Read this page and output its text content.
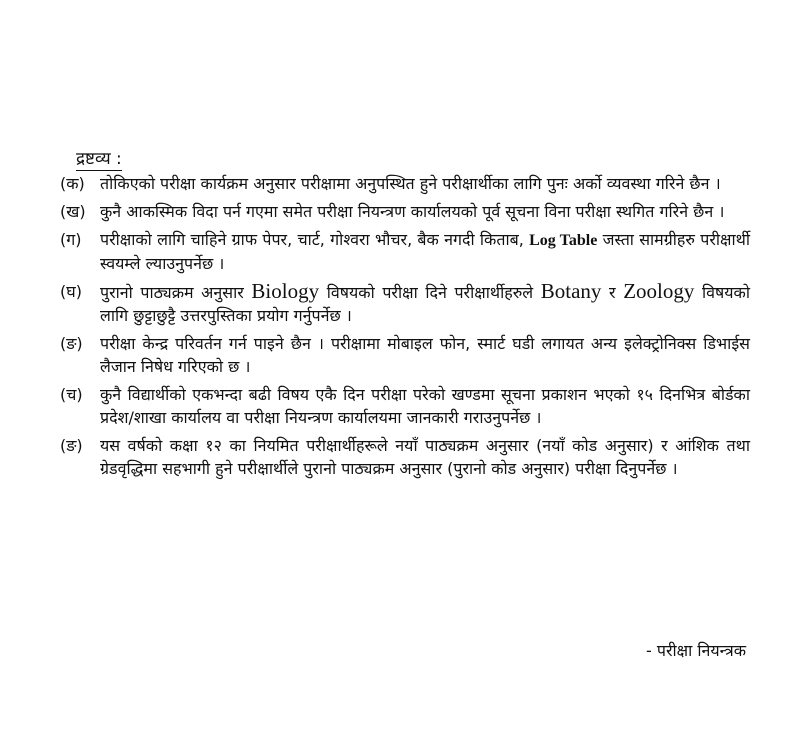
द्रष्टव्य :
(क) तोकिएको परीक्षा कार्यक्रम अनुसार परीक्षामा अनुपस्थित हुने परीक्षार्थीका लागि पुनः अर्को व्यवस्था गरिने छैन ।
(ख) कुनै आकस्मिक विदा पर्न गएमा समेत परीक्षा नियन्त्रण कार्यालयको पूर्व सूचना विना परीक्षा स्थगित गरिने छैन ।
(ग)	परीक्षाको लागि चाहिने ग्राफ पेपर, चार्ट, गोश्वरा भौचर, बैक नगदी किताब, Log Table जस्ता सामग्रीहरु परीक्षार्थी स्वयम्ले ल्याउनुपर्नेछ ।
(घ)	पुरानो पाठ्यक्रम अनुसार Biology विषयको परीक्षा दिने परीक्षार्थीहरुले Botany र Zoology विषयको लागि छुट्टाछुट्टै उत्तरपुस्तिका प्रयोग गर्नुपर्नेछ ।
(ङ)	परीक्षा केन्द्र परिवर्तन गर्न पाइने छैन । परीक्षामा मोबाइल फोन, स्मार्ट घडी लगायत अन्य इलेक्ट्रोनिक्स डिभाईस लैजान निषेध गरिएको छ ।
(च)	कुनै विद्यार्थीको एकभन्दा बढी विषय एकै दिन परीक्षा परेको खण्डमा सूचना प्रकाशन भएको १५ दिनभित्र बोर्डका प्रदेश/शाखा कार्यालय वा परीक्षा नियन्त्रण कार्यालयमा जानकारी गराउनुपर्नेछ ।
(ङ)	यस वर्षको कक्षा १२ का नियमित परीक्षार्थीहरूले नयाँ पाठ्यक्रम अनुसार (नयाँ कोड अनुसार) र आंशिक तथा ग्रेडवृद्धिमा सहभागी हुने परीक्षार्थीले पुरानो पाठ्यक्रम अनुसार (पुरानो कोड अनुसार) परीक्षा दिनुपर्नेछ ।
- परीक्षा नियन्त्रक
